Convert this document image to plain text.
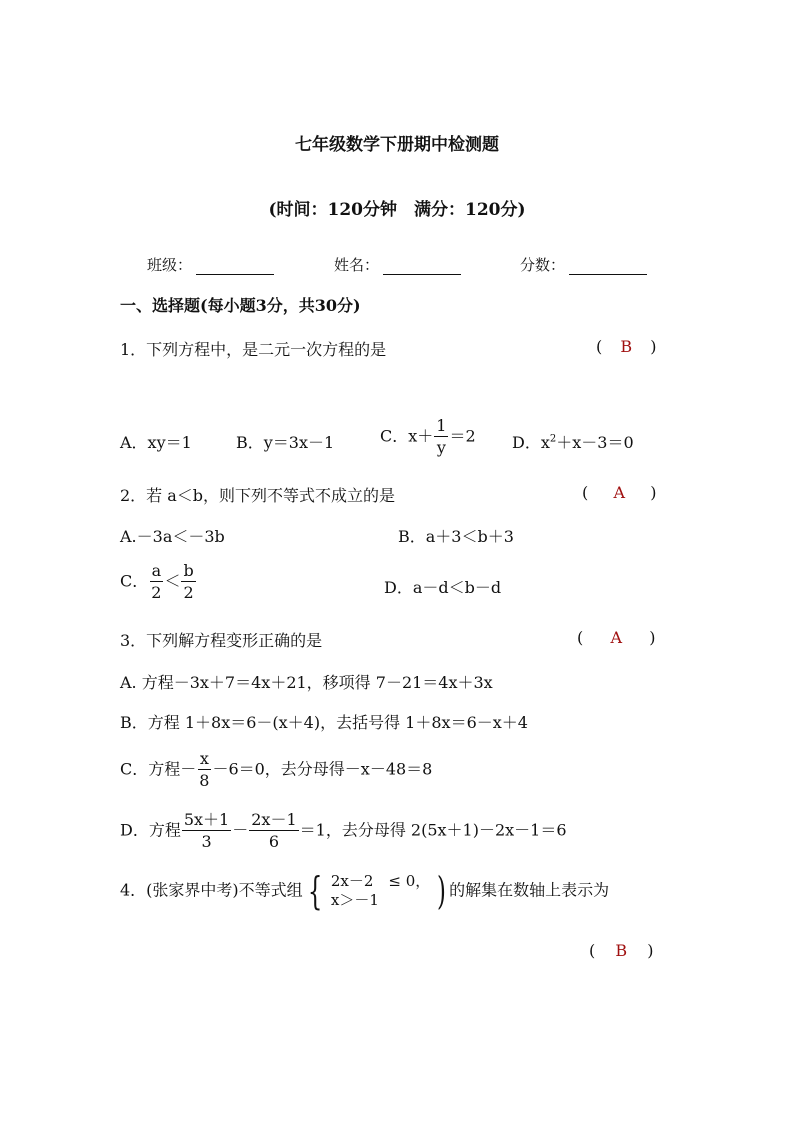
七年级数学下册期中检测题
(时间：120分钟　满分：120分)
班级：	姓名：	分数：
一、选择题(每小题3分，共30分)
1．下列方程中，是二元一次方程的是	( B )
A．xy＝1	B．y＝3x－1	C．$x+ \frac{1}{y} =2$ D．$x^2+x-3=0$
2．若 a＜b，则下列不等式不成立的是	( A )
A.－3a＜－3b	B．a＋3＜b＋3
C． $\frac{a}{2} < \frac{b}{2}$	D．a－d＜b－d
3．下列解方程变形正确的是	( A )
A. 方程－3x＋7＝4x＋21，移项得 7－21＝4x＋3x
B．方程 1＋8x＝6－(x＋4)，去括号得 1＋8x＝6－x＋4
C．方程－ $\frac{x}{8} -6=0$，去分母得－x－48＝8
D．方程 $\frac{5x+1}{3} - \frac{2x-1}{6} =1$，去分母得 2(5x＋1)－2x－1＝6
4．(张家界中考)不等式组 { 2x－2　≤ 0，
x＞－1	) 的解集在数轴上表示为
( B )
